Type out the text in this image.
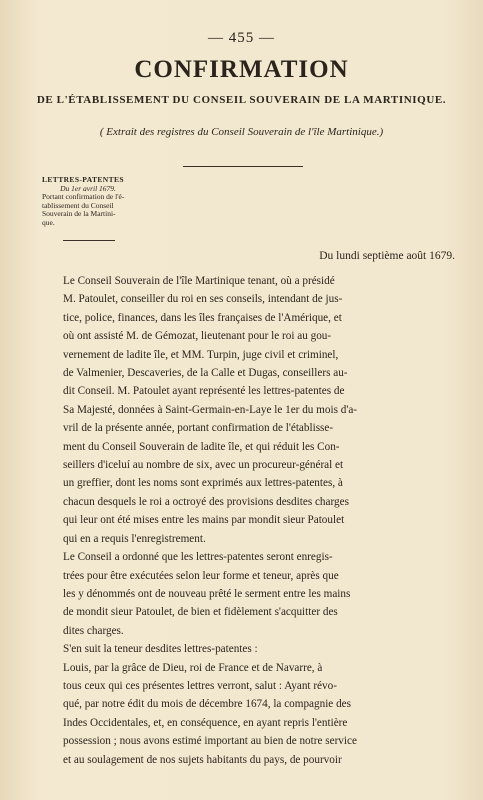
— 455 —
CONFIRMATION
DE L'ÉTABLISSEMENT DU CONSEIL SOUVERAIN DE LA MARTINIQUE.
( Extrait des registres du Conseil Souverain de l'île Martinique.)
LETTRES-PATENTES
Du 1er avril 1679.
Portant confirmation de l'é-
tablissement du Conseil
Souverain de la Martini-
que.
Du lundi septième août 1679.

Le Conseil Souverain de l'île Martinique tenant, où a présidé
M. Patoulet, conseiller du roi en ses conseils, intendant de jus-
tice, police, finances, dans les îles françaises de l'Amérique, et
où ont assisté M. de Gémozat, lieutenant pour le roi au gou-
vernement de ladite île, et MM. Turpin, juge civil et criminel,
de Valmenier, Descaveries, de la Calle et Dugas, conseillers au-
dit Conseil. M. Patoulet ayant représenté les lettres-patentes de
Sa Majesté, données à Saint-Germain-en-Laye le 1er du mois d'a-
vril de la présente année, portant confirmation de l'établisse-
ment du Conseil Souverain de ladite île, et qui réduit les Con-
seillers d'iceluí au nombre de six, avec un procureur-général et
un greffier, dont les noms sont exprimés aux lettres-patentes, à
chacun desquels le roi a octroyé des provisions desdites charges
qui leur ont été mises entre les mains par mondit sieur Patoulet
qui en a requis l'enregistrement.

Le Conseil a ordonné que les lettres-patentes seront enregis-
trées pour être exécutées selon leur forme et teneur, après que
les y dénommés ont de nouveau prêté le serment entre les mains
de mondit sieur Patoulet, de bien et fidèlement s'acquitter des
dites charges.

S'en suit la teneur desdites lettres-patentes :

Louis, par la grâce de Dieu, roi de France et de Navarre, à
tous ceux qui ces présentes lettres verront, salut : Ayant révo-
qué, par notre édit du mois de décembre 1674, la compagnie des
Indes Occidentales, et, en conséquence, en ayant repris l'entière
possession ; nous avons estimé important au bien de notre service
et au soulagement de nos sujets habitants du pays, de pourvoir
